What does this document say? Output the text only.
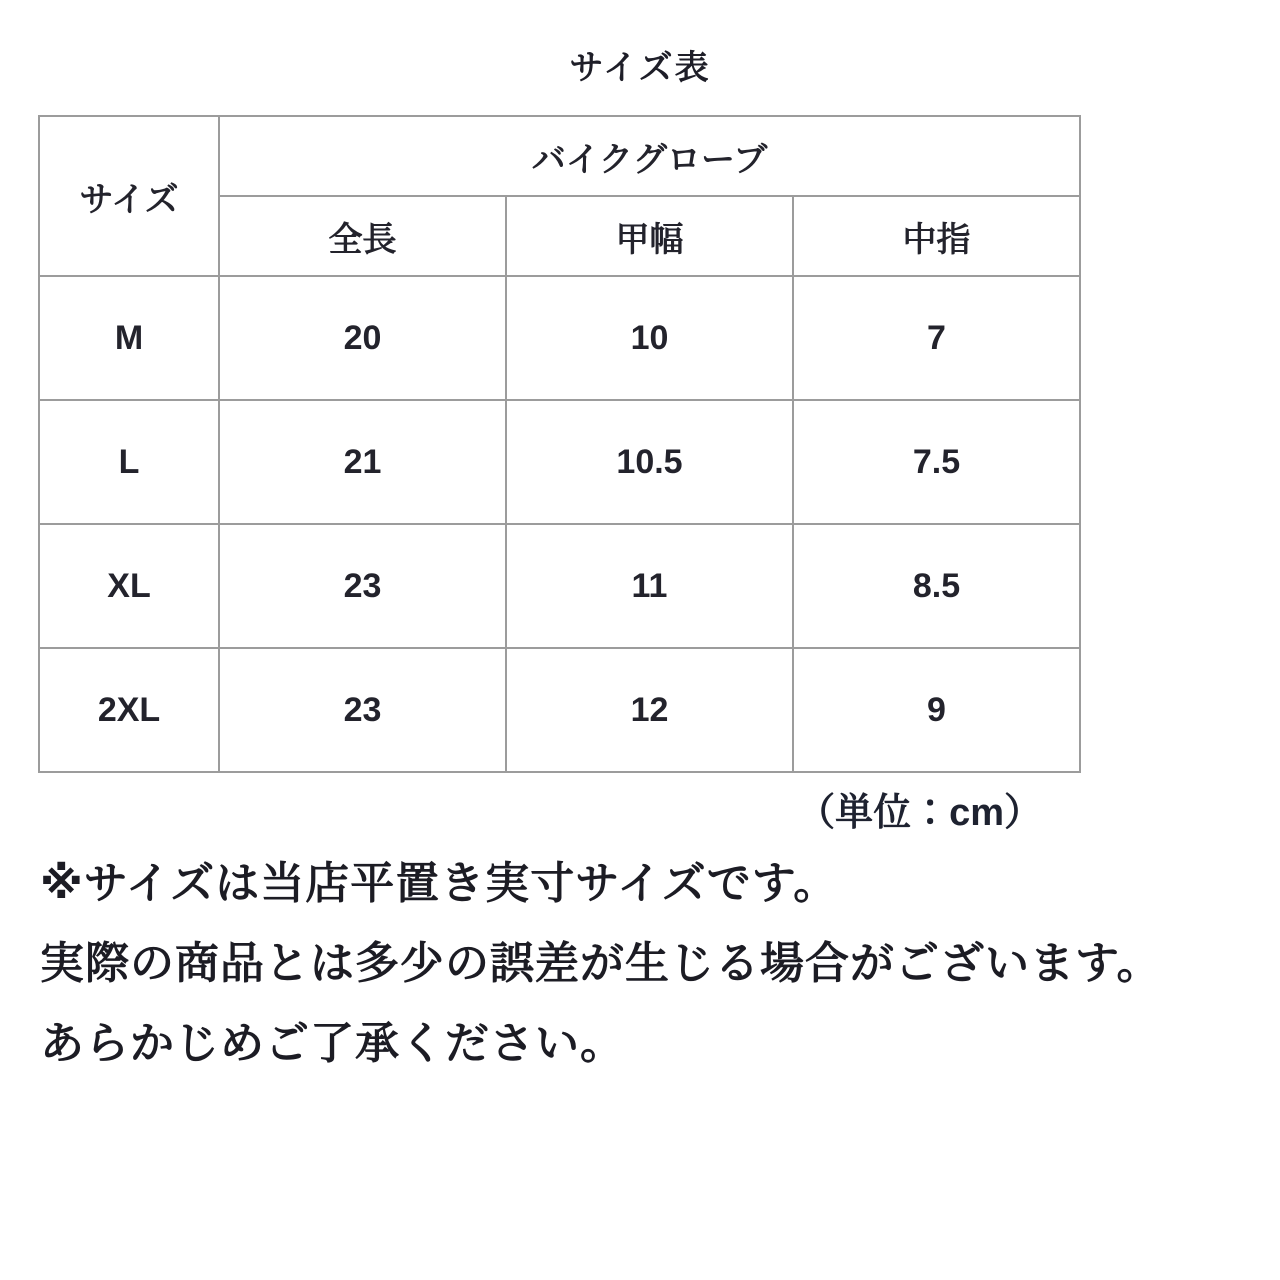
サイズ表
サイズ	バイクグローブ		
	全長	甲幅	中指
M	20	10	7
L	21	10.5	7.5
XL	23	11	8.5
2XL	23	12	9
（単位：cm）

※サイズは当店平置き実寸サイズです。

実際の商品とは多少の誤差が生じる場合がございます。

あらかじめご了承ください。
